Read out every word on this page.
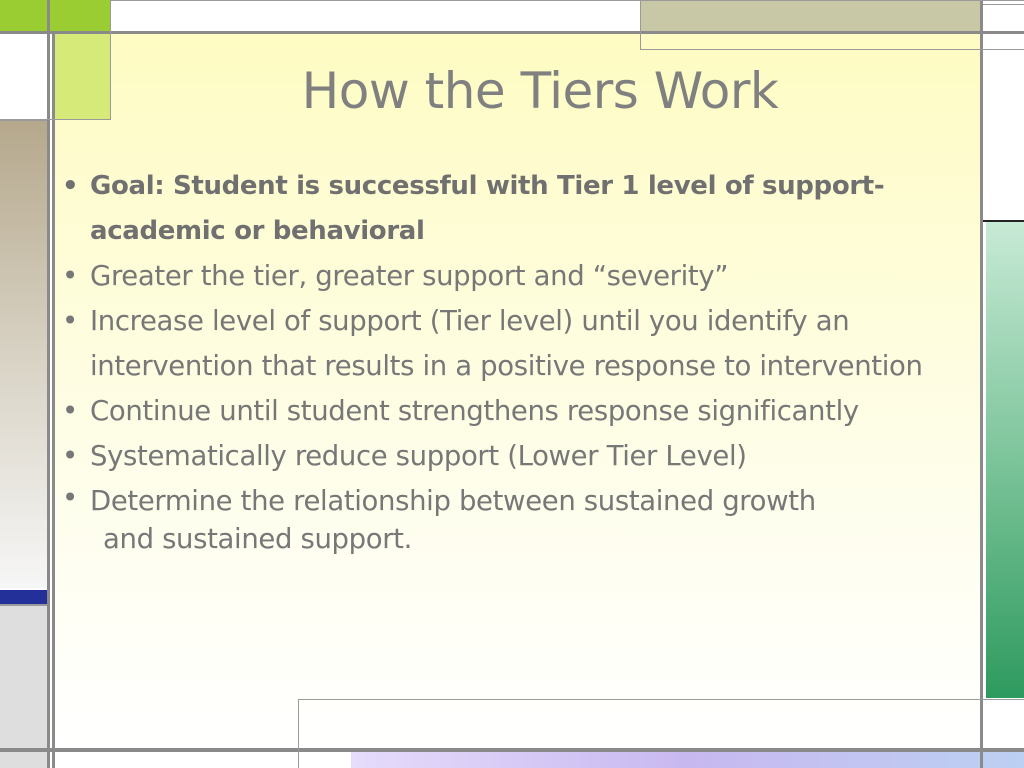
How the Tiers Work
• Goal: Student is successful with Tier 1 level of support-academic or behavioral
• Greater the tier, greater support and “severity”
• Increase level of support (Tier level) until you identify an intervention that results in a positive response to intervention
• Continue until student strengthens response significantly
• Systematically reduce support (Lower Tier Level)
• Determine the relationship between sustained growth
and sustained support.
